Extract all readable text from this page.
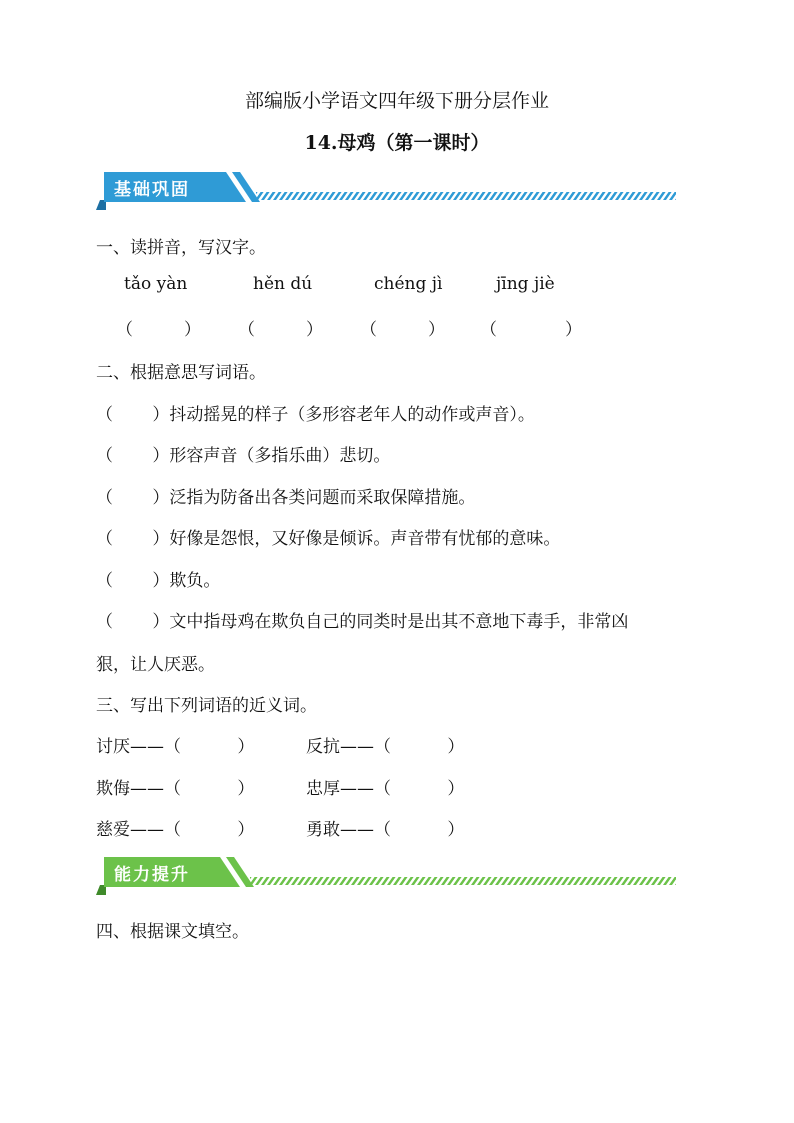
部编版小学语文四年级下册分层作业
14.母鸡（第一课时）
基础巩固
一、读拼音，写汉字。
tǎo yàn	hěn dú	chéng jì	jīng jiè
（　　　） （　　　） （　　　） （　　　　）
二、根据意思写词语。
（　　 ）抖动摇晃的样子（多形容老年人的动作或声音）。
（　　 ）形容声音（多指乐曲）悲切。
（　　 ）泛指为防备出各类问题而采取保障措施。
（　　 ）好像是怨恨，又好像是倾诉。声音带有忧郁的意味。
（　　 ）欺负。
（　　 ）文中指母鸡在欺负自己的同类时是出其不意地下毒手，非常凶
狠，让人厌恶。
三、写出下列词语的近义词。
讨厌——（　　　 ）	反抗——（　　　 ）
欺侮——（　　　 ）	忠厚——（　　　 ）
慈爱——（　　　 ）	勇敢——（　　　 ）
能力提升
四、根据课文填空。
